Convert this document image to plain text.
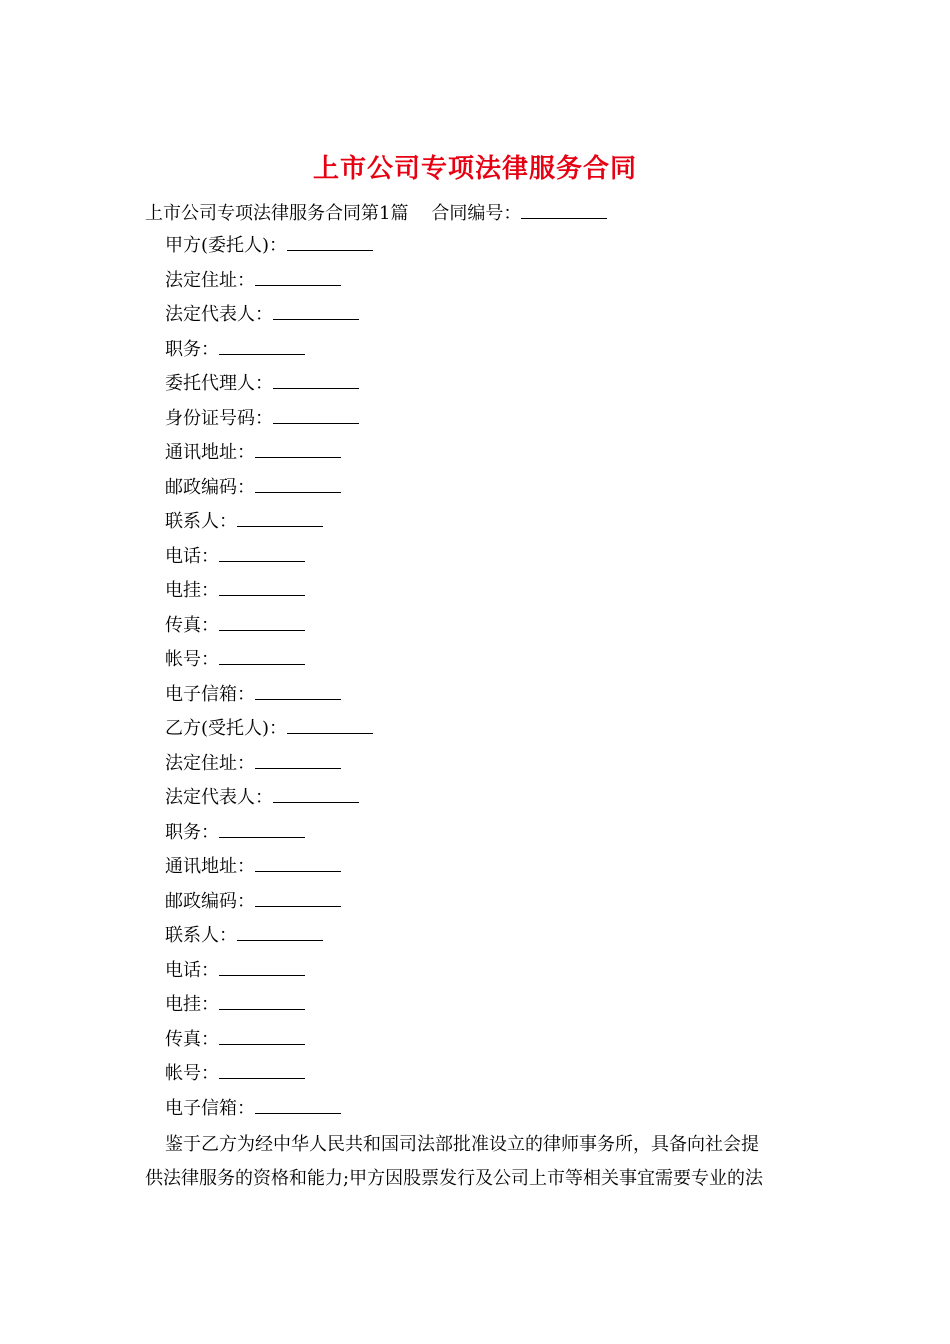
上市公司专项法律服务合同
上市公司专项法律服务合同第1篇 合同编号：
甲方(委托人)：
法定住址：
法定代表人：
职务：
委托代理人：
身份证号码：
通讯地址：
邮政编码：
联系人：
电话：
电挂：
传真：
帐号：
电子信箱：
乙方(受托人)：
法定住址：
法定代表人：
职务：
通讯地址：
邮政编码：
联系人：
电话：
电挂：
传真：
帐号：
电子信箱：
鉴于乙方为经中华人民共和国司法部批准设立的律师事务所，具备向社会提
供法律服务的资格和能力;甲方因股票发行及公司上市等相关事宜需要专业的法
